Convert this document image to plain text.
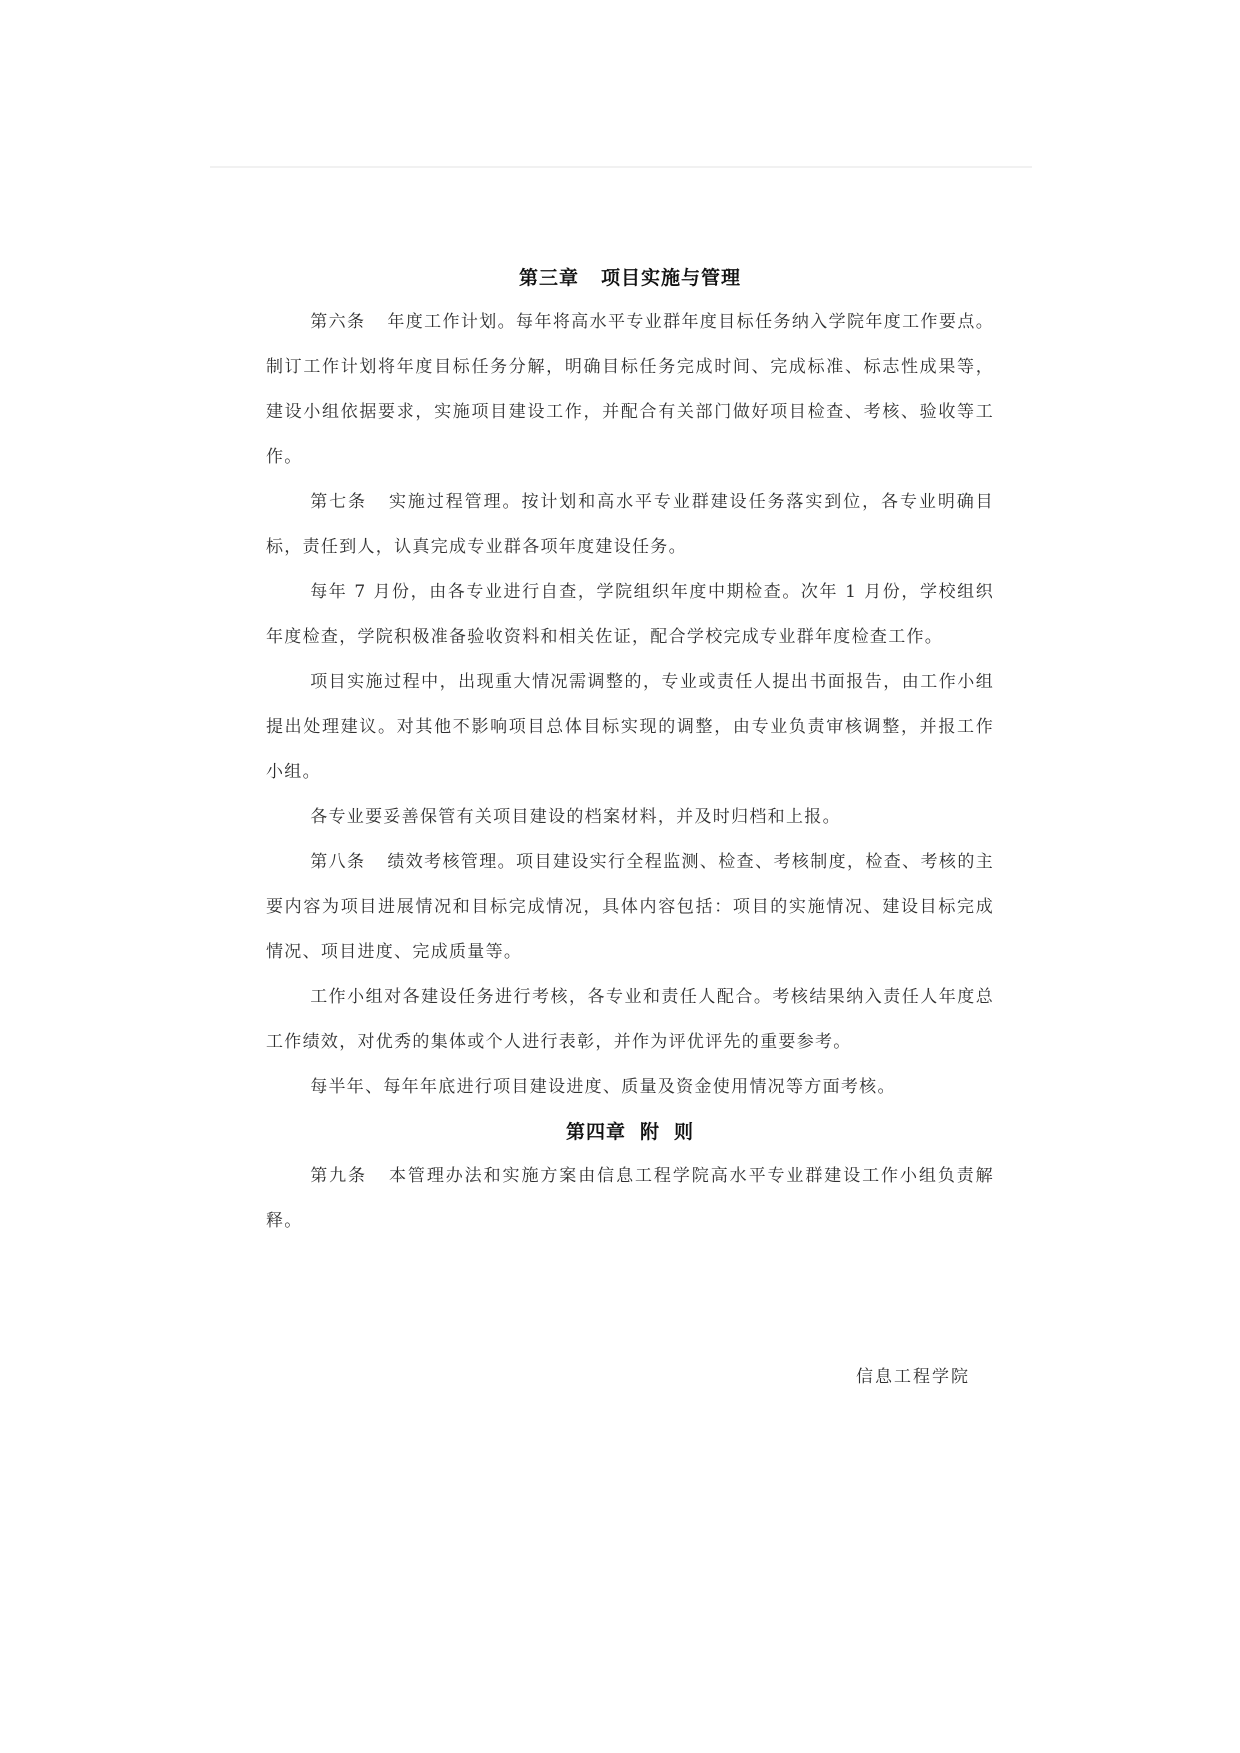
第三章 项目实施与管理

第六条 年度工作计划。每年将高水平专业群年度目标任务纳入学院年度工作要点。制订工作计划将年度目标任务分解，明确目标任务完成时间、完成标准、标志性成果等，建设小组依据要求，实施项目建设工作，并配合有关部门做好项目检查、考核、验收等工作。

第七条 实施过程管理。按计划和高水平专业群建设任务落实到位，各专业明确目标，责任到人，认真完成专业群各项年度建设任务。

每年 7 月份，由各专业进行自查，学院组织年度中期检查。次年 1 月份，学校组织年度检查，学院积极准备验收资料和相关佐证，配合学校完成专业群年度检查工作。

项目实施过程中，出现重大情况需调整的，专业或责任人提出书面报告，由工作小组提出处理建议。对其他不影响项目总体目标实现的调整，由专业负责审核调整，并报工作小组。

各专业要妥善保管有关项目建设的档案材料，并及时归档和上报。

第八条 绩效考核管理。项目建设实行全程监测、检查、考核制度，检查、考核的主要内容为项目进展情况和目标完成情况，具体内容包括：项目的实施情况、建设目标完成情况、项目进度、完成质量等。

工作小组对各建设任务进行考核，各专业和责任人配合。考核结果纳入责任人年度总工作绩效，对优秀的集体或个人进行表彰，并作为评优评先的重要参考。

每半年、每年年底进行项目建设进度、质量及资金使用情况等方面考核。

第四章 附 则

第九条 本管理办法和实施方案由信息工程学院高水平专业群建设工作小组负责解释。

信息工程学院
